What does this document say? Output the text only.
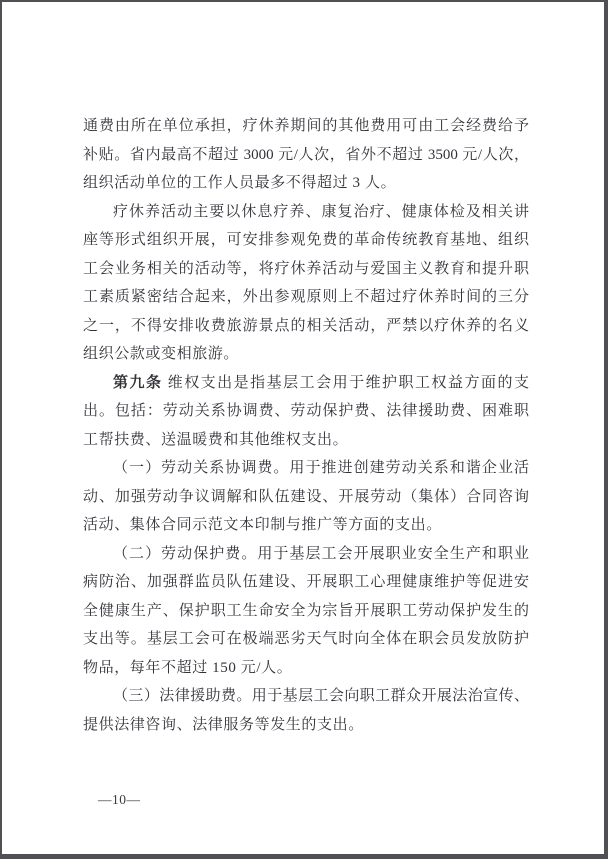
通费由所在单位承担，疗休养期间的其他费用可由工会经费给予
补贴。省内最高不超过 3000 元/人次，省外不超过 3500 元/人次，
组织活动单位的工作人员最多不得超过 3 人。
疗休养活动主要以休息疗养、康复治疗、健康体检及相关讲
座等形式组织开展，可安排参观免费的革命传统教育基地、组织
工会业务相关的活动等，将疗休养活动与爱国主义教育和提升职
工素质紧密结合起来，外出参观原则上不超过疗休养时间的三分
之一，不得安排收费旅游景点的相关活动，严禁以疗休养的名义
组织公款或变相旅游。
第九条 维权支出是指基层工会用于维护职工权益方面的支
出。包括：劳动关系协调费、劳动保护费、法律援助费、困难职
工帮扶费、送温暖费和其他维权支出。
（一）劳动关系协调费。用于推进创建劳动关系和谐企业活
动、加强劳动争议调解和队伍建设、开展劳动（集体）合同咨询
活动、集体合同示范文本印制与推广等方面的支出。
（二）劳动保护费。用于基层工会开展职业安全生产和职业
病防治、加强群监员队伍建设、开展职工心理健康维护等促进安
全健康生产、保护职工生命安全为宗旨开展职工劳动保护发生的
支出等。基层工会可在极端恶劣天气时向全体在职会员发放防护
物品，每年不超过 150 元/人。
（三）法律援助费。用于基层工会向职工群众开展法治宣传、
提供法律咨询、法律服务等发生的支出。
—10—
